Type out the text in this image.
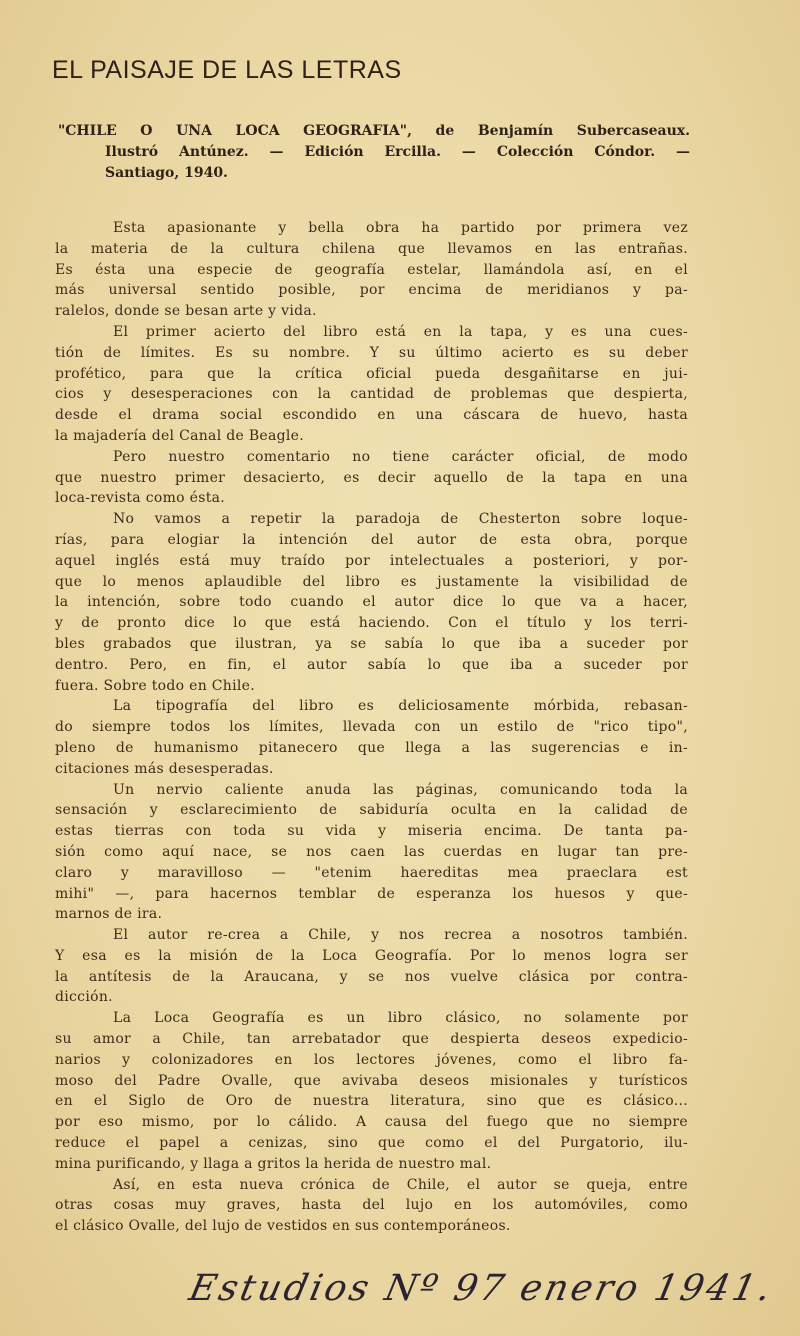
EL PAISAJE DE LAS LETRAS
"CHILE O UNA LOCA GEOGRAFIA", de Benjamín Subercaseaux.
Ilustró Antúnez. — Edición Ercilla. — Colección Cóndor. —
Santiago, 1940.
Esta apasionante y bella obra ha partido por primera vez
la materia de la cultura chilena que llevamos en las entrañas.
Es ésta una especie de geografía estelar, llamándola así, en el
más universal sentido posible, por encima de meridianos y pa-
ralelos, donde se besan arte y vida.
El primer acierto del libro está en la tapa, y es una cues-
tión de límites. Es su nombre. Y su último acierto es su deber
profético, para que la crítica oficial pueda desgañitarse en jui-
cios y desesperaciones con la cantidad de problemas que despierta,
desde el drama social escondido en una cáscara de huevo, hasta
la majadería del Canal de Beagle.
Pero nuestro comentario no tiene carácter oficial, de modo
que nuestro primer desacierto, es decir aquello de la tapa en una
loca-revista como ésta.
No vamos a repetir la paradoja de Chesterton sobre loque-
rías, para elogiar la intención del autor de esta obra, porque
aquel inglés está muy traído por intelectuales a posteriori, y por-
que lo menos aplaudible del libro es justamente la visibilidad de
la intención, sobre todo cuando el autor dice lo que va a hacer,
y de pronto dice lo que está haciendo. Con el título y los terri-
bles grabados que ilustran, ya se sabía lo que iba a suceder por
dentro. Pero, en fin, el autor sabía lo que iba a suceder por
fuera. Sobre todo en Chile.
La tipografía del libro es deliciosamente mórbida, rebasan-
do siempre todos los límites, llevada con un estilo de "rico tipo",
pleno de humanismo pitanecero que llega a las sugerencias e in-
citaciones más desesperadas.
Un nervio caliente anuda las páginas, comunicando toda la
sensación y esclarecimiento de sabiduría oculta en la calidad de
estas tierras con toda su vida y miseria encima. De tanta pa-
sión como aquí nace, se nos caen las cuerdas en lugar tan pre-
claro y maravilloso — "etenim haereditas mea praeclara est
mihi" —, para hacernos temblar de esperanza los huesos y que-
marnos de ira.
El autor re-crea a Chile, y nos recrea a nosotros también.
Y esa es la misión de la Loca Geografía. Por lo menos logra ser
la antítesis de la Araucana, y se nos vuelve clásica por contra-
dicción.
La Loca Geografía es un libro clásico, no solamente por
su amor a Chile, tan arrebatador que despierta deseos expedicio-
narios y colonizadores en los lectores jóvenes, como el libro fa-
moso del Padre Ovalle, que avivaba deseos misionales y turísticos
en el Siglo de Oro de nuestra literatura, sino que es clásico...
por eso mismo, por lo cálido. A causa del fuego que no siempre
reduce el papel a cenizas, sino que como el del Purgatorio, ilu-
mina purificando, y llaga a gritos la herida de nuestro mal.
Así, en esta nueva crónica de Chile, el autor se queja, entre
otras cosas muy graves, hasta del lujo en los automóviles, como
el clásico Ovalle, del lujo de vestidos en sus contemporáneos.
Estudios Nº 97 enero 1941.
